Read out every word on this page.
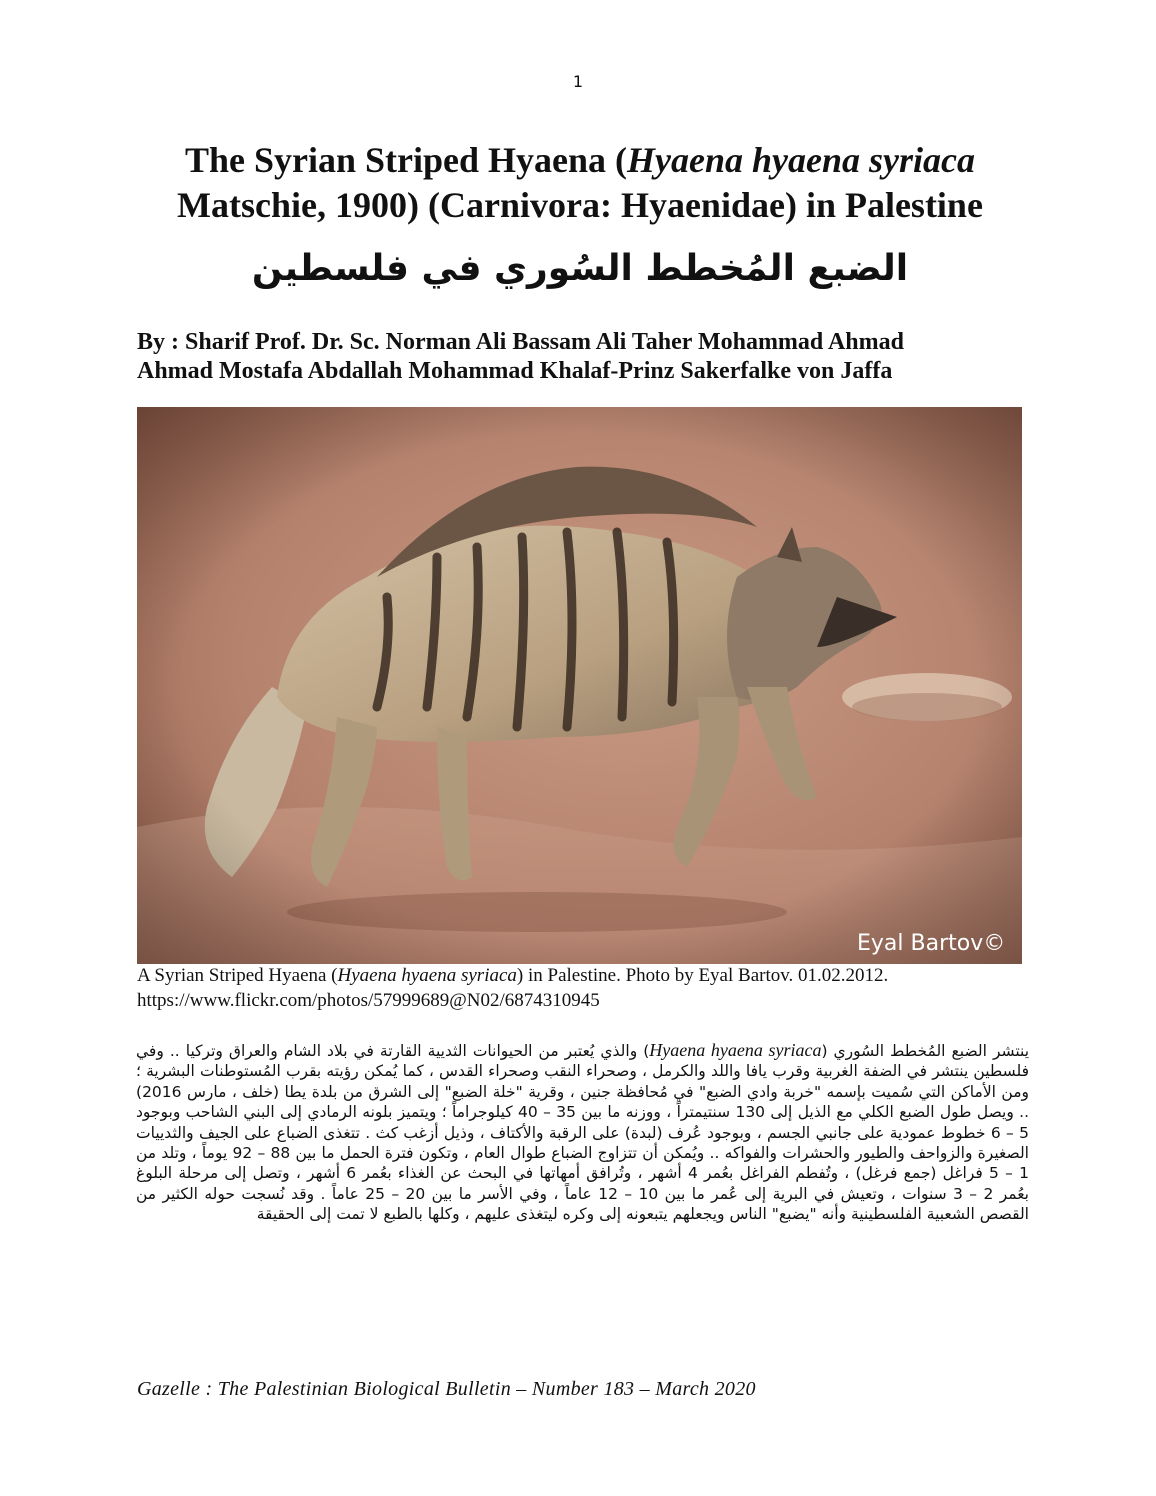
1
The Syrian Striped Hyaena (Hyaena hyaena syriaca
Matschie, 1900) (Carnivora: Hyaenidae) in Palestine
الضبع المُخطط السُوري في فلسطين
By : Sharif Prof. Dr. Sc. Norman Ali Bassam Ali Taher Mohammad Ahmad
Ahmad Mostafa Abdallah Mohammad Khalaf-Prinz Sakerfalke von Jaffa
Eyal Bartov©
A Syrian Striped Hyaena (Hyaena hyaena syriaca) in Palestine. Photo by Eyal Bartov. 01.02.2012.
https://www.flickr.com/photos/57999689@N02/6874310945
ينتشر الضبع المُخطط السُوري (Hyaena hyaena syriaca) والذي يُعتبر من الحيوانات الثديية القارتة في بلاد الشام والعراق وتركيا .. وفي فلسطين ينتشر في الضفة الغربية وقرب يافا واللد والكرمل ، وصحراء النقب وصحراء القدس ، كما يُمكن رؤيته بقرب المُستوطنات البشرية ؛ ومن الأماكن التي سُميت بإسمه "خربة وادي الضبع" في مُحافظة جنين ، وقرية "خلة الضبع" إلى الشرق من بلدة يطا (خلف ، مارس 2016) .. ويصل طول الضبع الكلي مع الذيل إلى 130 سنتيمتراً ، ووزنه ما بين 35 – 40 كيلوجراماً ؛ ويتميز بلونه الرمادي إلى البني الشاحب وبوجود 5 – 6 خطوط عمودية على جانبي الجسم ، وبوجود عُرف (لبدة) على الرقبة والأكتاف ، وذيل أزغب كث . تتغذى الضباع على الجيف والثدييات الصغيرة والزواحف والطيور والحشرات والفواكه .. ويُمكن أن تتزاوج الضباع طوال العام ، وتكون فترة الحمل ما بين 88 – 92 يوماً ، وتلد من 1 – 5 فراغل (جمع فرغل) ، وتُفطم الفراغل بعُمر 4 أشهر ، وتُرافق أمهاتها في البحث عن الغذاء بعُمر 6 أشهر ، وتصل إلى مرحلة البلوغ بعُمر 2 – 3 سنوات ، وتعيش في البرية إلى عُمر ما بين 10 – 12 عاماً ، وفي الأسر ما بين 20 – 25 عاماً . وقد نُسجت حوله الكثير من القصص الشعبية الفلسطينية وأنه "يضبع" الناس ويجعلهم يتبعونه إلى وكره ليتغذى عليهم ، وكلها بالطبع لا تمت إلى الحقيقة
Gazelle : The Palestinian Biological Bulletin – Number 183 – March 2020
